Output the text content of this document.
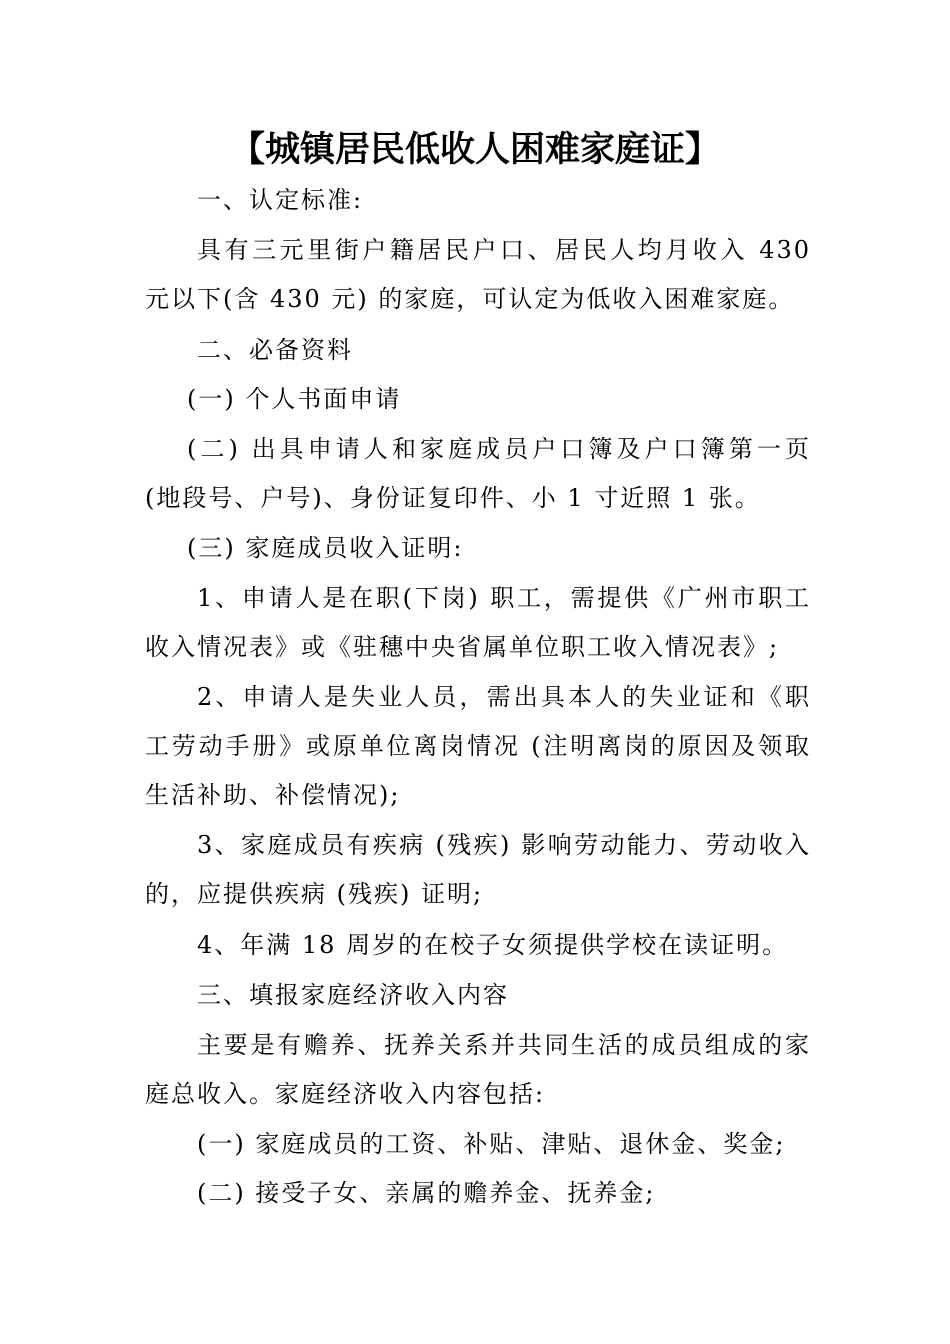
【城镇居民低收人困难家庭证】
一、认定标准:
具有三元里街户籍居民户口、居民人均月收入 430 元以下(含 430 元) 的家庭，可认定为低收入困难家庭。
二、必备资料
(一) 个人书面申请
(二) 出具申请人和家庭成员户口簿及户口簿第一页 (地段号、户号)、身份证复印件、小 1 寸近照 1 张。
(三) 家庭成员收入证明:
1、申请人是在职(下岗) 职工，需提供《广州市职工收入情况表》或《驻穗中央省属单位职工收入情况表》;
2、申请人是失业人员，需出具本人的失业证和《职工劳动手册》或原单位离岗情况 (注明离岗的原因及领取生活补助、补偿情况);
3、家庭成员有疾病 (残疾) 影响劳动能力、劳动收入的，应提供疾病 (残疾) 证明;
4、年满 18 周岁的在校子女须提供学校在读证明。
三、填报家庭经济收入内容
主要是有赡养、抚养关系并共同生活的成员组成的家庭总收入。家庭经济收入内容包括:
(一) 家庭成员的工资、补贴、津贴、退休金、奖金;
(二) 接受子女、亲属的赡养金、抚养金;
